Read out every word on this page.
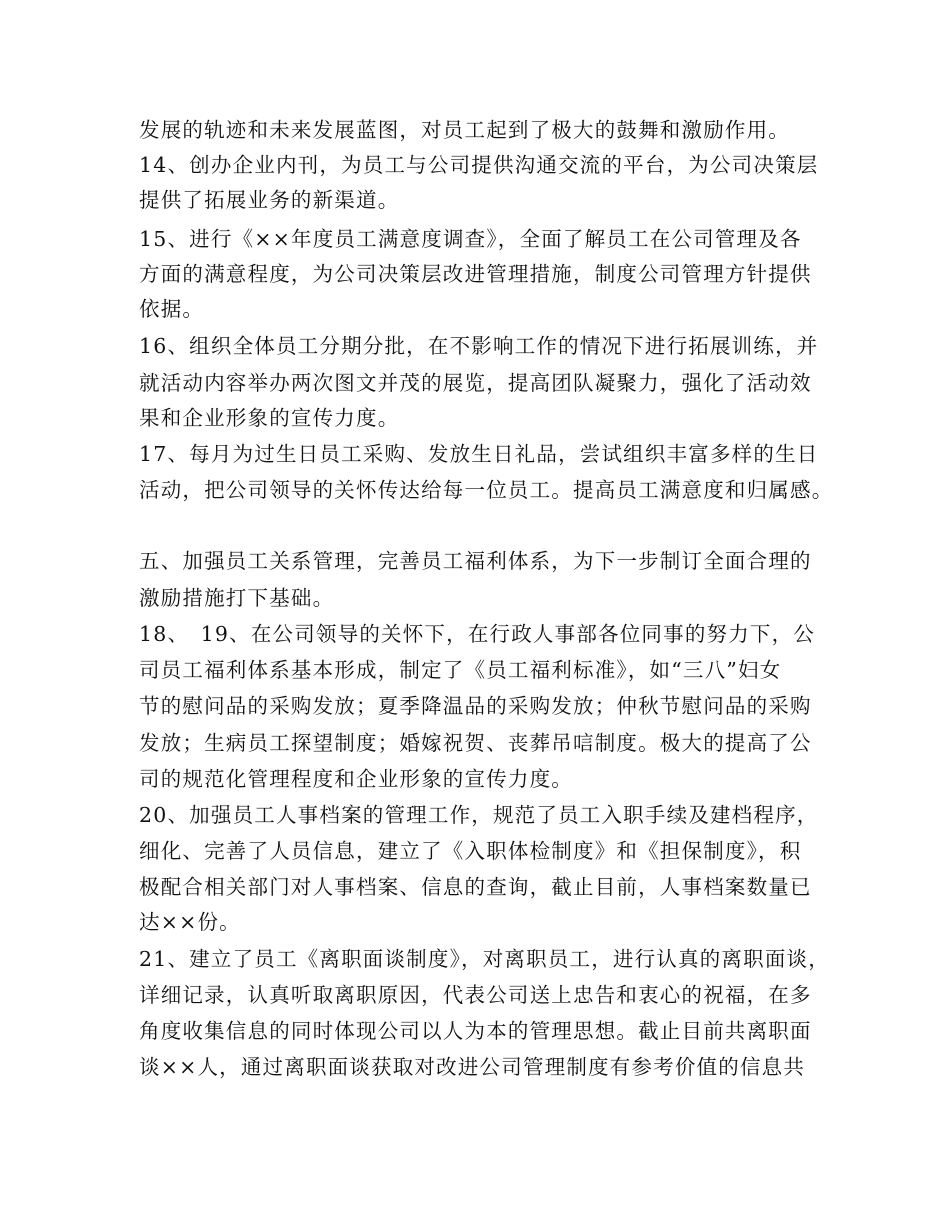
发展的轨迹和未来发展蓝图，对员工起到了极大的鼓舞和激励作用。
14、创办企业内刊，为员工与公司提供沟通交流的平台，为公司决策层
提供了拓展业务的新渠道。
15、进行《××年度员工满意度调查》，全面了解员工在公司管理及各
方面的满意程度，为公司决策层改进管理措施，制度公司管理方针提供
依据。
16、组织全体员工分期分批，在不影响工作的情况下进行拓展训练，并
就活动内容举办两次图文并茂的展览，提高团队凝聚力，强化了活动效
果和企业形象的宣传力度。
17、每月为过生日员工采购、发放生日礼品，尝试组织丰富多样的生日
活动，把公司领导的关怀传达给每一位员工。提高员工满意度和归属感。
五、加强员工关系管理，完善员工福利体系，为下一步制订全面合理的
激励措施打下基础。
18、　19、在公司领导的关怀下，在行政人事部各位同事的努力下，公
司员工福利体系基本形成，制定了《员工福利标准》，如“三八”妇女
节的慰问品的采购发放；夏季降温品的采购发放；仲秋节慰问品的采购
发放；生病员工探望制度；婚嫁祝贺、丧葬吊唁制度。极大的提高了公
司的规范化管理程度和企业形象的宣传力度。
20、加强员工人事档案的管理工作，规范了员工入职手续及建档程序，
细化、完善了人员信息，建立了《入职体检制度》和《担保制度》，积
极配合相关部门对人事档案、信息的查询，截止目前，人事档案数量已
达××份。
21、建立了员工《离职面谈制度》，对离职员工，进行认真的离职面谈，
详细记录，认真听取离职原因，代表公司送上忠告和衷心的祝福，在多
角度收集信息的同时体现公司以人为本的管理思想。截止目前共离职面
谈××人，通过离职面谈获取对改进公司管理制度有参考价值的信息共
